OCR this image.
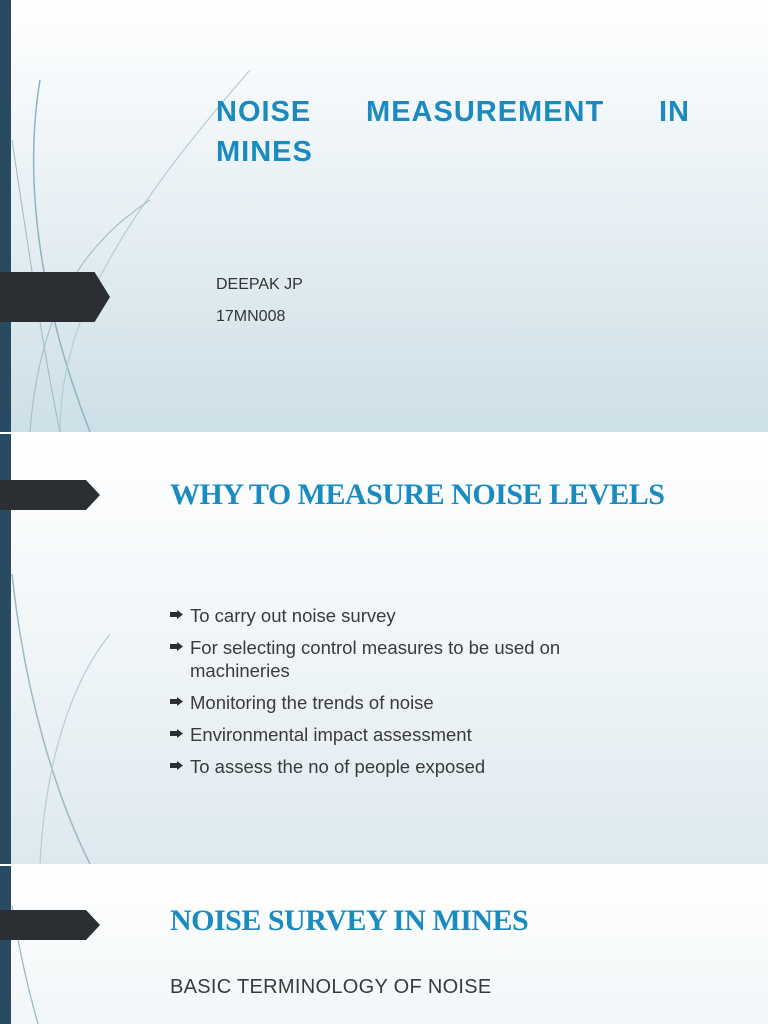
NOISE MEASUREMENT IN MINES
DEEPAK JP
17MN008
WHY TO MEASURE NOISE LEVELS
To carry out noise survey
For selecting control measures to be used on machineries
Monitoring the trends of noise
Environmental impact assessment
To assess the no of people exposed
NOISE SURVEY IN MINES
BASIC TERMINOLOGY OF NOISE
